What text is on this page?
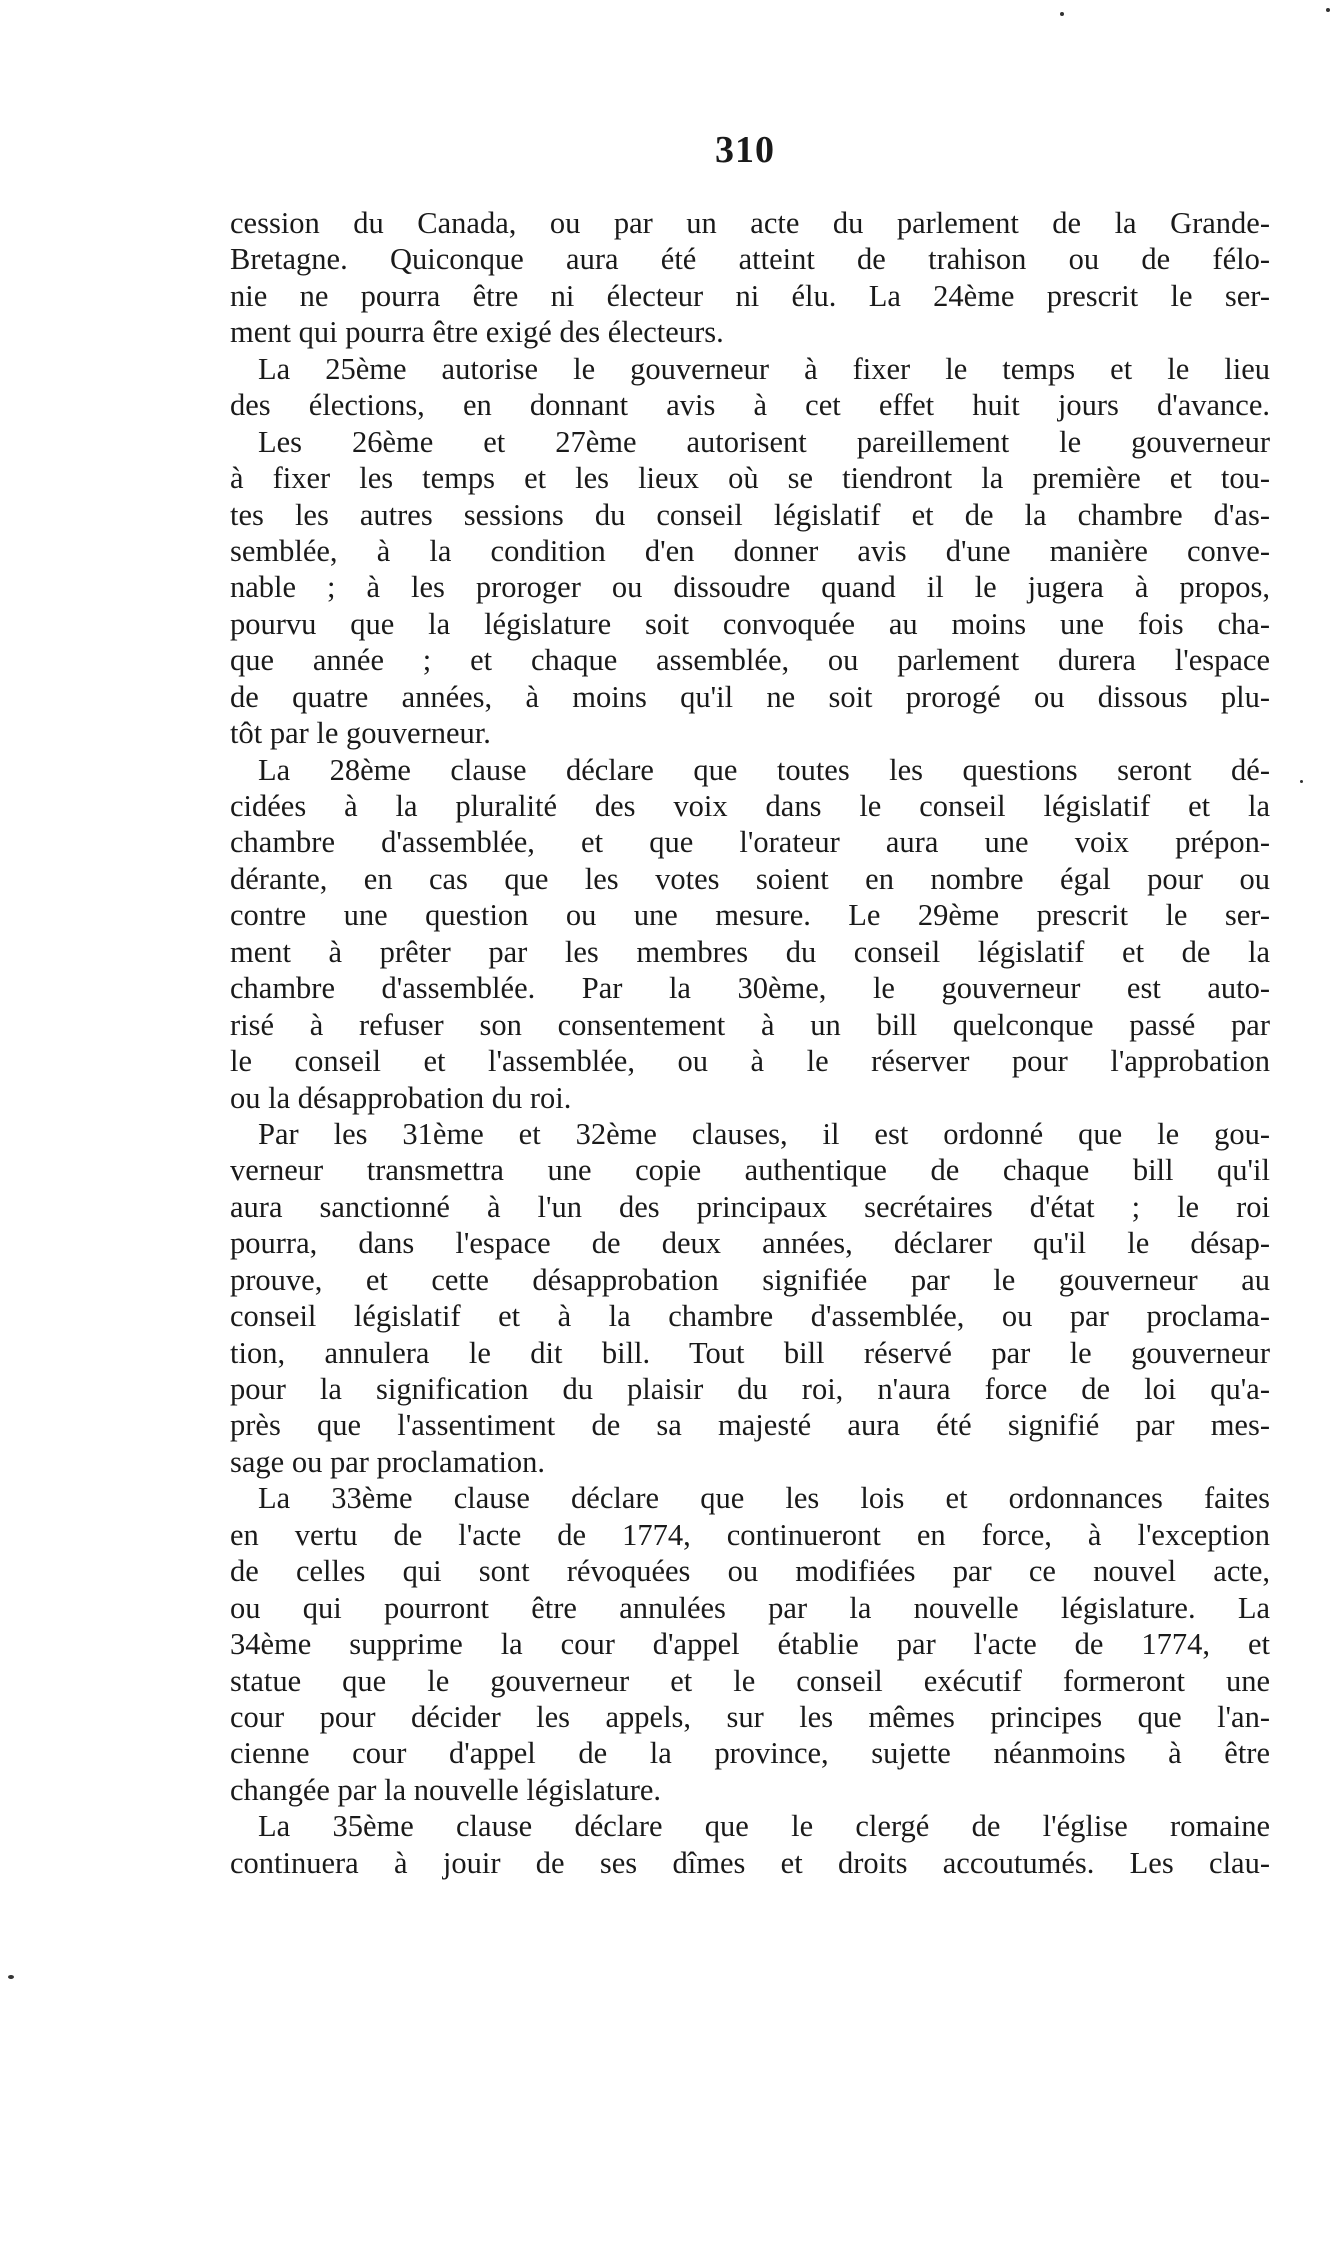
310
cession du Canada, ou par un acte du parlement de la Grande-
Bretagne. Quiconque aura été atteint de trahison ou de félo-
nie ne pourra être ni électeur ni élu. La 24ème prescrit le ser-
ment qui pourra être exigé des électeurs.
La 25ème autorise le gouverneur à fixer le temps et le lieu
des élections, en donnant avis à cet effet huit jours d'avance.
Les 26ème et 27ème autorisent pareillement le gouverneur
à fixer les temps et les lieux où se tiendront la première et tou-
tes les autres sessions du conseil législatif et de la chambre d'as-
semblée, à la condition d'en donner avis d'une manière conve-
nable ; à les proroger ou dissoudre quand il le jugera à propos,
pourvu que la législature soit convoquée au moins une fois cha-
que année ; et chaque assemblée, ou parlement durera l'espace
de quatre années, à moins qu'il ne soit prorogé ou dissous plu-
tôt par le gouverneur.
La 28ème clause déclare que toutes les questions seront dé-
cidées à la pluralité des voix dans le conseil législatif et la
chambre d'assemblée, et que l'orateur aura une voix prépon-
dérante, en cas que les votes soient en nombre égal pour ou
contre une question ou une mesure. Le 29ème prescrit le ser-
ment à prêter par les membres du conseil législatif et de la
chambre d'assemblée. Par la 30ème, le gouverneur est auto-
risé à refuser son consentement à un bill quelconque passé par
le conseil et l'assemblée, ou à le réserver pour l'approbation
ou la désapprobation du roi.
Par les 31ème et 32ème clauses, il est ordonné que le gou-
verneur transmettra une copie authentique de chaque bill qu'il
aura sanctionné à l'un des principaux secrétaires d'état ; le roi
pourra, dans l'espace de deux années, déclarer qu'il le désap-
prouve, et cette désapprobation signifiée par le gouverneur au
conseil législatif et à la chambre d'assemblée, ou par proclama-
tion, annulera le dit bill. Tout bill réservé par le gouverneur
pour la signification du plaisir du roi, n'aura force de loi qu'a-
près que l'assentiment de sa majesté aura été signifié par mes-
sage ou par proclamation.
La 33ème clause déclare que les lois et ordonnances faites
en vertu de l'acte de 1774, continueront en force, à l'exception
de celles qui sont révoquées ou modifiées par ce nouvel acte,
ou qui pourront être annulées par la nouvelle législature. La
34ème supprime la cour d'appel établie par l'acte de 1774, et
statue que le gouverneur et le conseil exécutif formeront une
cour pour décider les appels, sur les mêmes principes que l'an-
cienne cour d'appel de la province, sujette néanmoins à être
changée par la nouvelle législature.
La 35ème clause déclare que le clergé de l'église romaine
continuera à jouir de ses dîmes et droits accoutumés. Les clau-
